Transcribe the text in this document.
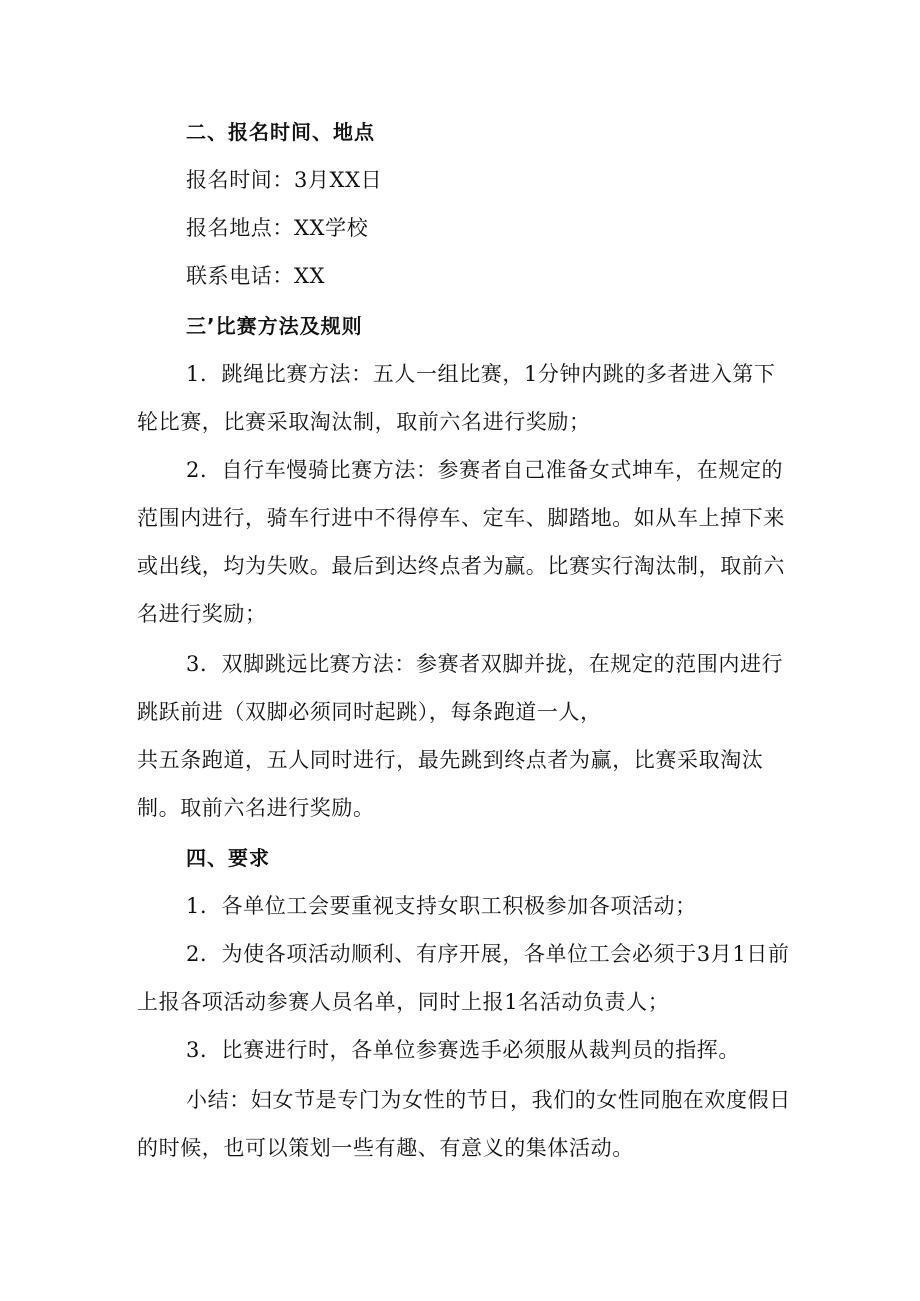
二、报名时间、地点
报名时间：3月XX日
报名地点：XX学校
联系电话：XX
三’比赛方法及规则
1．跳绳比赛方法：五人一组比赛，1分钟内跳的多者进入第下
轮比赛，比赛采取淘汰制，取前六名进行奖励；
2．自行车慢骑比赛方法：参赛者自己准备女式坤车，在规定的
范围内进行，骑车行进中不得停车、定车、脚踏地。如从车上掉下来
或出线，均为失败。最后到达终点者为赢。比赛实行淘汰制，取前六
名进行奖励；
3．双脚跳远比赛方法：参赛者双脚并拢，在规定的范围内进行
跳跃前进（双脚必须同时起跳），每条跑道一人，
共五条跑道，五人同时进行，最先跳到终点者为赢，比赛采取淘汰
制。取前六名进行奖励。
四、要求
1．各单位工会要重视支持女职工积极参加各项活动；
2．为使各项活动顺利、有序开展，各单位工会必须于3月1日前
上报各项活动参赛人员名单，同时上报1名活动负责人；
3．比赛进行时，各单位参赛选手必须服从裁判员的指挥。
小结：妇女节是专门为女性的节日，我们的女性同胞在欢度假日
的时候，也可以策划一些有趣、有意义的集体活动。
